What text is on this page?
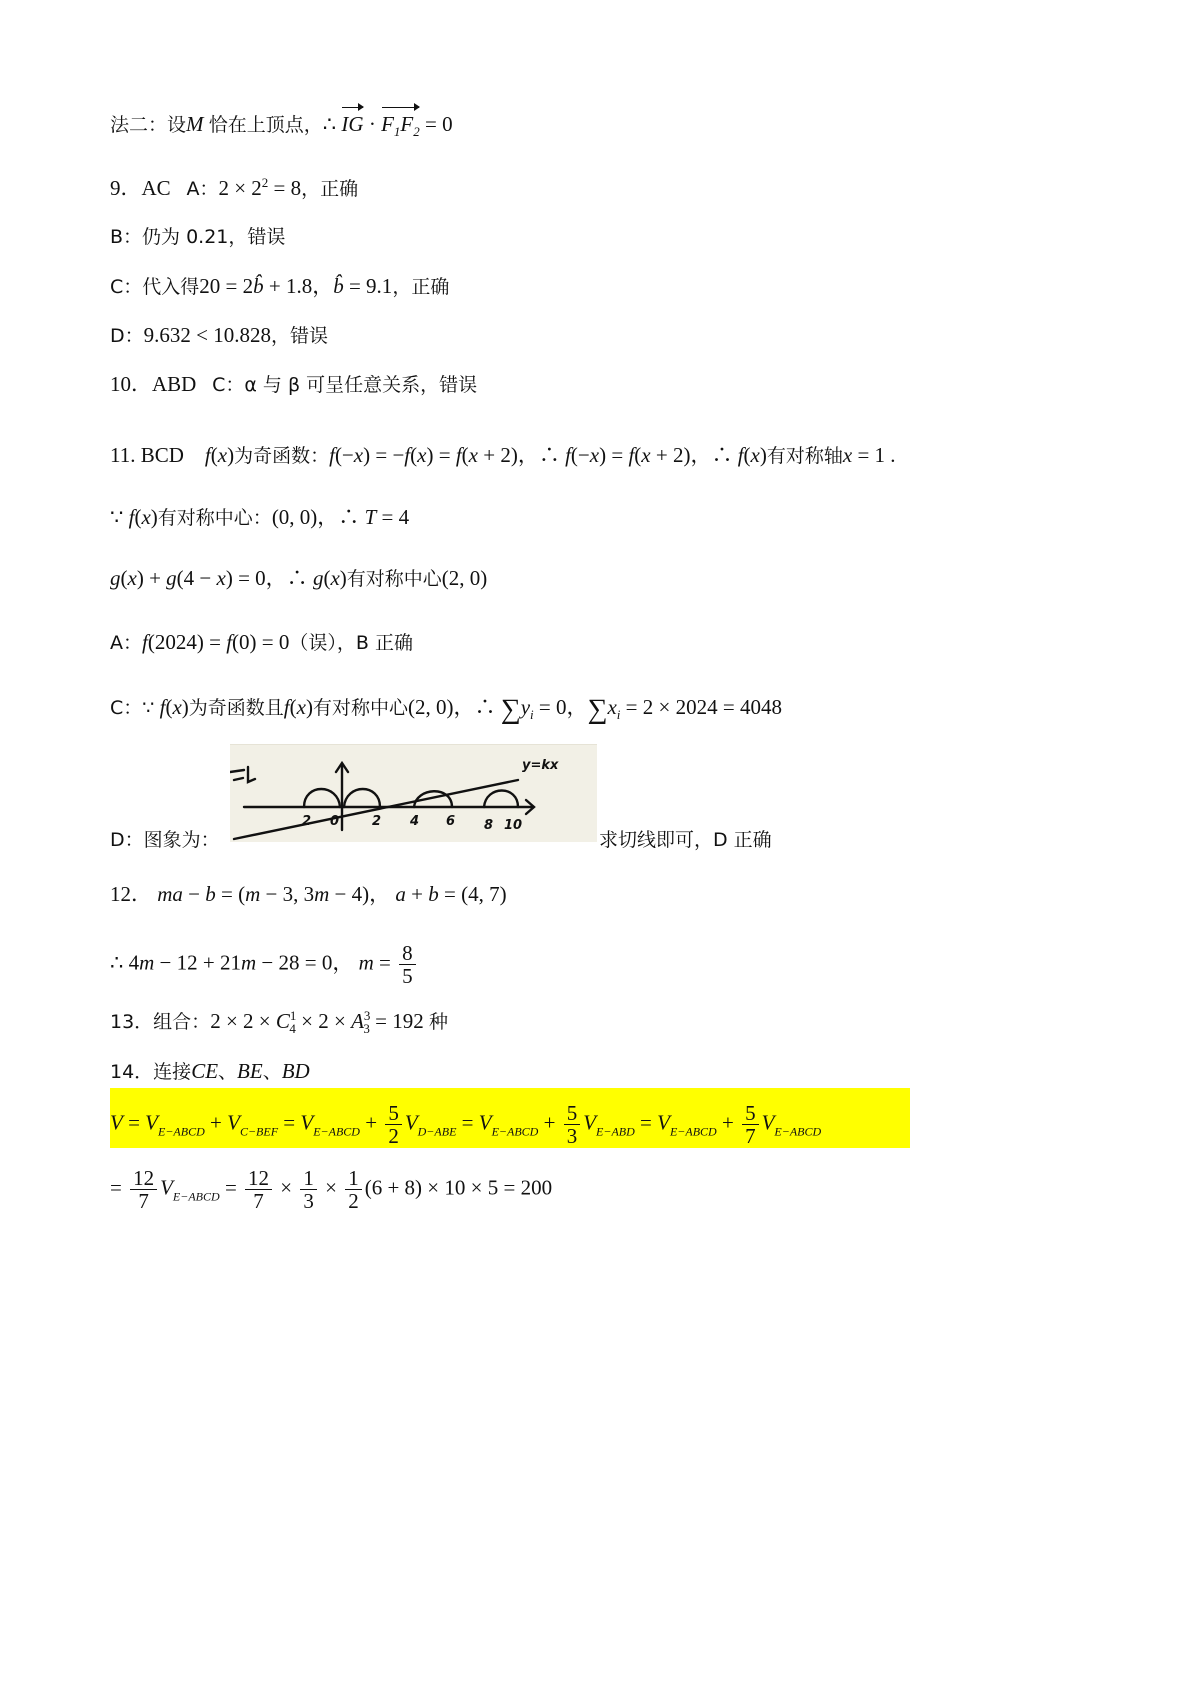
法二：设M 恰在上顶点，∴ IG · $F_1F_2 = 0$
9．AC A：$2 \times 2^2 = 8$，正确
B：仍为 0.21，错误
C：代入得20 = 2b̂ + 1.8，b̂ = 9.1，正确
D：9.632 < 10.828，错误
10．ABD C：α 与 β 可呈任意关系，错误
11. BCD f(x)为奇函数：f(−x) = −f(x) = f(x + 2)，∴ f(−x) = f(x + 2)，∴ f(x)有对称轴x = 1 .
∵ f(x)有对称中心：(0, 0)，∴ T = 4
g(x) + g(4 − x) = 0，∴ g(x)有对称中心(2, 0)
A：f(2024) = f(0) = 0（误），B 正确
C：∵ f(x)为奇函数且f(x)有对称中心(2, 0)，∴ $\sum y_i = 0$，$\sum x_i = 2 \times 2024 = 4048$
y=kx
2 0	2 4 6 8 10
D：图象为：	求切线即可，D 正确
12． ma − b = (m − 3, 3m − 4)， a + b = (4, 7)
∴ 4m − 12 + 21m − 28 = 0， $m = \frac{8}{5}$
13．组合：$2 \times 2 \times C^1_4 \times 2 \times A^3_3 = 192$ 种
14．连接CE、BE、BD
$V = V_{E-ABCD} + V_{C-BEF} = V_{E-ABCD} + \frac{5}{2} V_{D-ABE} = V_{E-ABCD} + \frac{5}{3} V_{E-ABD} = V_{E-ABCD} + \frac{5}{7} V_{E-ABCD}$
= $\frac{12}{7} V_{E-ABCD} = \frac{12}{7} \times \frac{1}{3} \times \frac{1}{2} (6 + 8) \times 10 \times 5 = 200$
